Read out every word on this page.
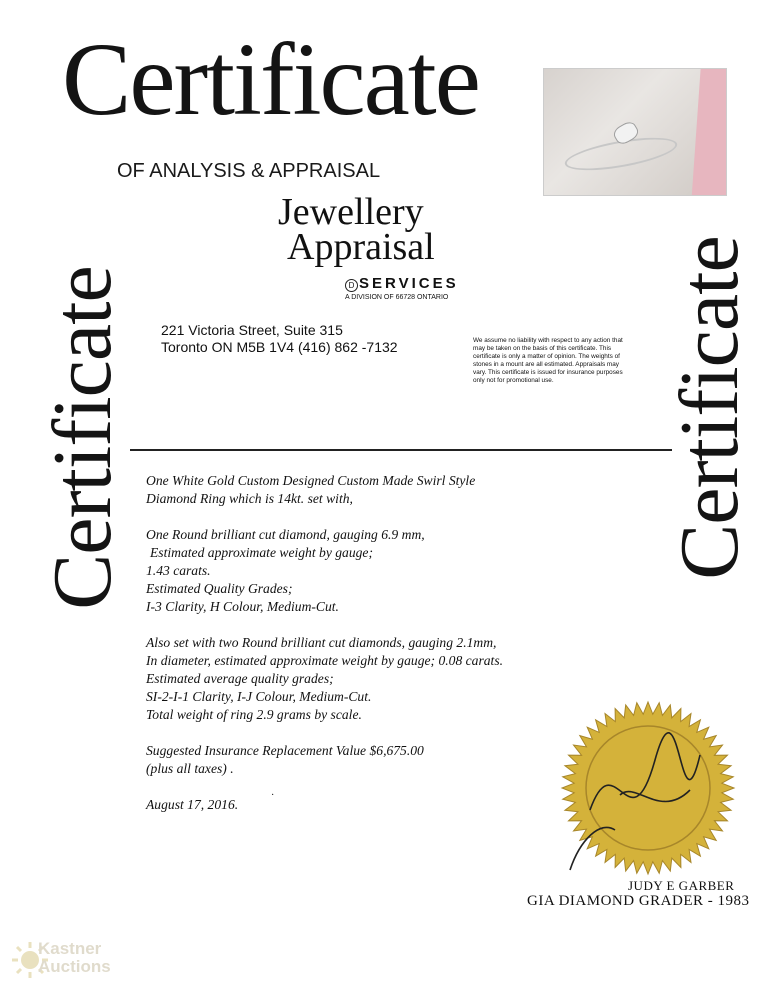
Certificate
OF ANALYSIS & APPRAISAL
Jewellery
Appraisal
D SERVICES
A DIVISION OF 66728 ONTARIO
221 Victoria Street, Suite 315
Toronto ON M5B 1V4 (416) 862 -7132	We assume no liability with respect to any action that may be taken on the basis of this certificate. This certificate is only a matter of opinion. The weights of stones in a mount are all estimated. Appraisals may vary. This certificate is issued for insurance purposes only not for promotional use.
Certificate	Certificate
One White Gold Custom Designed Custom Made Swirl Style
Diamond Ring which is 14kt. set with,
One Round brilliant cut diamond, gauging 6.9 mm,
Estimated approximate weight by gauge;
1.43 carats.
Estimated Quality Grades;
I-3 Clarity, H Colour, Medium-Cut.
Also set with two Round brilliant cut diamonds, gauging 2.1mm,
In diameter, estimated approximate weight by gauge; 0.08 carats.
Estimated average quality grades;
SI-2-I-1 Clarity, I-J Colour, Medium-Cut.
Total weight of ring 2.9 grams by scale.
Suggested Insurance Replacement Value $6,675.00
(plus all taxes) .
August 17, 2016.
·
JUDY E GARBER
GIA DIAMOND GRADER - 1983
Kastner
Auctions
